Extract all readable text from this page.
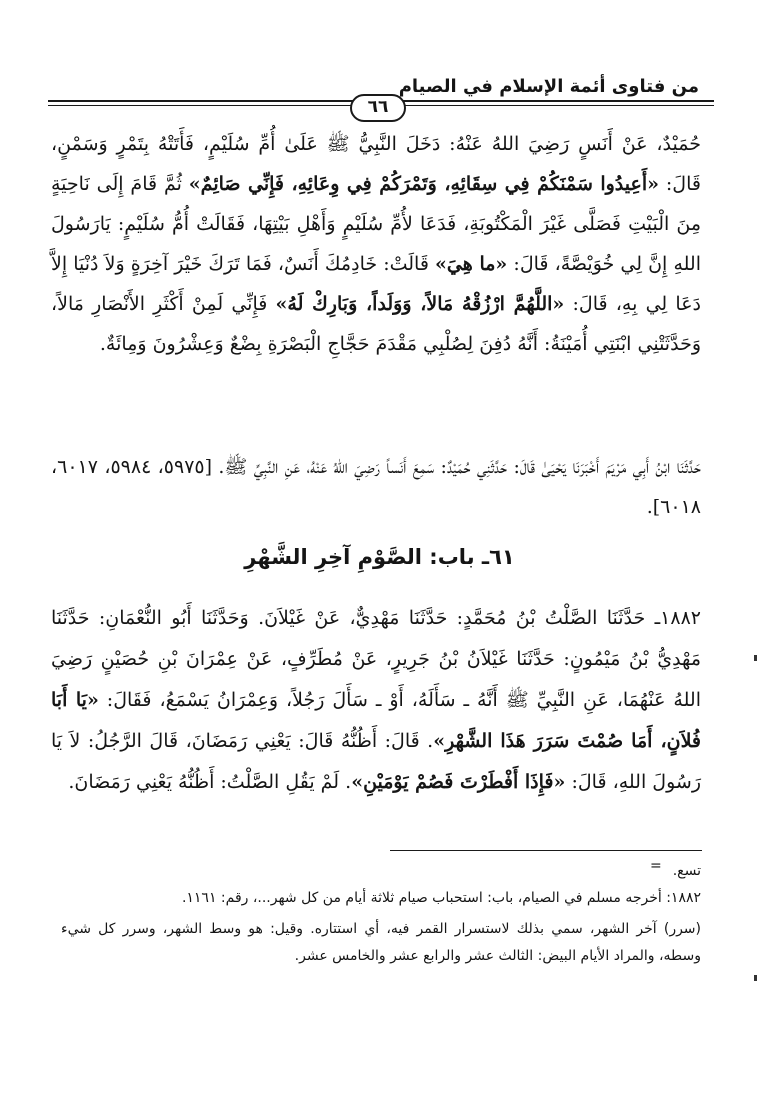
من فتاوى أئمة الإسلام في الصيام
٦٦
حُمَيْدٌ، عَنْ أَنَسٍ رَضِيَ اللهُ عَنْهُ: دَخَلَ النَّبِيُّ ﷺ عَلَىٰ أُمِّ سُلَيْمٍ، فَأَتَتْهُ بِتَمْرٍ وَسَمْنٍ، قَالَ: «أَعِيدُوا سَمْنَكُمْ فِي سِقَائِهِ، وَتَمْرَكُمْ فِي وِعَائِهِ، فَإِنِّي صَائِمٌ» ثُمَّ قَامَ إِلَى نَاحِيَةٍ مِنَ الْبَيْتِ فَصَلَّى غَيْرَ الْمَكْتُوبَةِ، فَدَعَا لأُمِّ سُلَيْمٍ وَأَهْلِ بَيْتِهَا، فَقَالَتْ أُمُّ سُلَيْمٍ: يَارَسُولَ اللهِ إِنَّ لِي خُوَيْصَّةً، قَالَ: «ما هِيَ» قَالَتْ: خَادِمُكَ أَنَسٌ، فَمَا تَرَكَ خَيْرَ آخِرَةٍ وَلاَ دُنْيَا إِلاَّ دَعَا لِي بِهِ، قَالَ: «اللَّهُمَّ ارْزُقْهُ مَالاً، وَوَلَداً، وَبَارِكْ لَهُ» فَإِنِّي لَمِنْ أَكْثَرِ الأَنْصَارِ مَالاً، وَحَدَّثَتْنِي ابْنَتِي أُمَيْنَةُ: أَنَّهُ دُفِنَ لِصُلْبِي مَقْدَمَ حَجَّاجِ الْبَصْرَةِ بِضْعٌ وَعِشْرُونَ وَمِائَةٌ.
حَدَّثَنَا ابْنُ أَبِي مَرْيَمَ أَخْبَرَنَا يَحْيَىٰ قَالَ: حَدَّثَنِي حُمَيْدٌ: سَمِعَ أَنَساً رَضِيَ اللهُ عَنْهُ، عَنِ النَّبِيِّ ﷺ. [٥٩٧٥، ٥٩٨٤، ٦٠١٧، ٦٠١٨].
٦١ـ باب: الصَّوْمِ آخِرِ الشَّهْرِ
١٨٨٢ـ حَدَّثَنَا الصَّلْتُ بْنُ مُحَمَّدٍ: حَدَّثَنَا مَهْدِيٌّ، عَنْ غَيْلاَنَ. وَحَدَّثَنَا أَبُو النُّعْمَانِ: حَدَّثَنَا مَهْدِيُّ بْنُ مَيْمُونٍ: حَدَّثَنَا غَيْلاَنُ بْنُ جَرِيرٍ، عَنْ مُطَرِّفٍ، عَنْ عِمْرَانَ بْنِ حُصَيْنٍ رَضِيَ اللهُ عَنْهُمَا، عَنِ النَّبِيِّ ﷺ أَنَّهُ ـ سَأَلَهُ، أَوْ ـ سَأَلَ رَجُلاً، وَعِمْرَانُ يَسْمَعُ، فَقَالَ: «يَا أَبَا فُلاَنٍ، أَمَا صُمْتَ سَرَرَ هَذَا الشَّهْرِ». قَالَ: أَظُنُّهُ قَالَ: يَعْنِي رَمَضَانَ، قَالَ الرَّجُلُ: لاَ يَا رَسُولَ اللهِ، قَالَ: «فَإِذَا أَفْطَرْتَ فَصُمْ يَوْمَيْنِ». لَمْ يَقُلِ الصَّلْتُ: أَظُنُّهُ يَعْنِي رَمَضَانَ.
= تسع.

١٨٨٢: أخرجه مسلم في الصيام، باب: استحباب صيام ثلاثة أيام من كل شهر...، رقم: ١١٦١.

(سرر) آخر الشهر، سمي بذلك لاستسرار القمر فيه، أي استتاره. وقيل: هو وسط الشهر، وسرر كل شيء وسطه، والمراد الأيام البيض: الثالث عشر والرابع عشر والخامس عشر.
